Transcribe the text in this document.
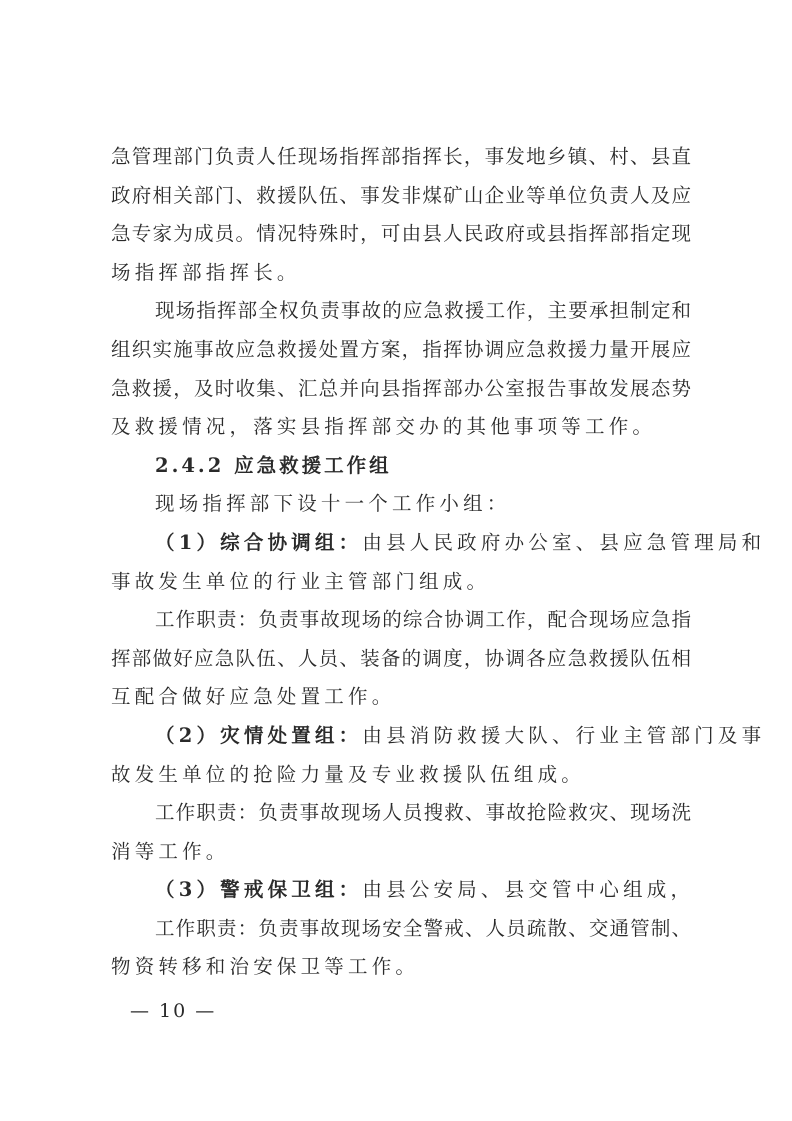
急管理部门负责人任现场指挥部指挥长，事发地乡镇、村、县直
政府相关部门、救援队伍、事发非煤矿山企业等单位负责人及应
急专家为成员。情况特殊时，可由县人民政府或县指挥部指定现
场指挥部指挥长。
现场指挥部全权负责事故的应急救援工作，主要承担制定和
组织实施事故应急救援处置方案，指挥协调应急救援力量开展应
急救援，及时收集、汇总并向县指挥部办公室报告事故发展态势
及救援情况，落实县指挥部交办的其他事项等工作。
2.4.2 应急救援工作组
现场指挥部下设十一个工作小组：
（1）综合协调组：由县人民政府办公室、县应急管理局和
事故发生单位的行业主管部门组成。
工作职责：负责事故现场的综合协调工作，配合现场应急指
挥部做好应急队伍、人员、装备的调度，协调各应急救援队伍相
互配合做好应急处置工作。
（2）灾情处置组：由县消防救援大队、行业主管部门及事
故发生单位的抢险力量及专业救援队伍组成。
工作职责：负责事故现场人员搜救、事故抢险救灾、现场洗
消等工作。
（3）警戒保卫组：由县公安局、县交管中心组成，
工作职责：负责事故现场安全警戒、人员疏散、交通管制、
物资转移和治安保卫等工作。
— 10 —
